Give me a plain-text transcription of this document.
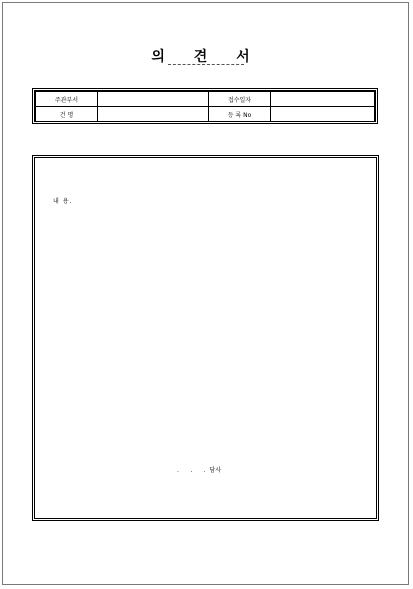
의 견 서
주관부서		접수일자	
건 명		등 록 No	
내 용.
.      .      .  담사
